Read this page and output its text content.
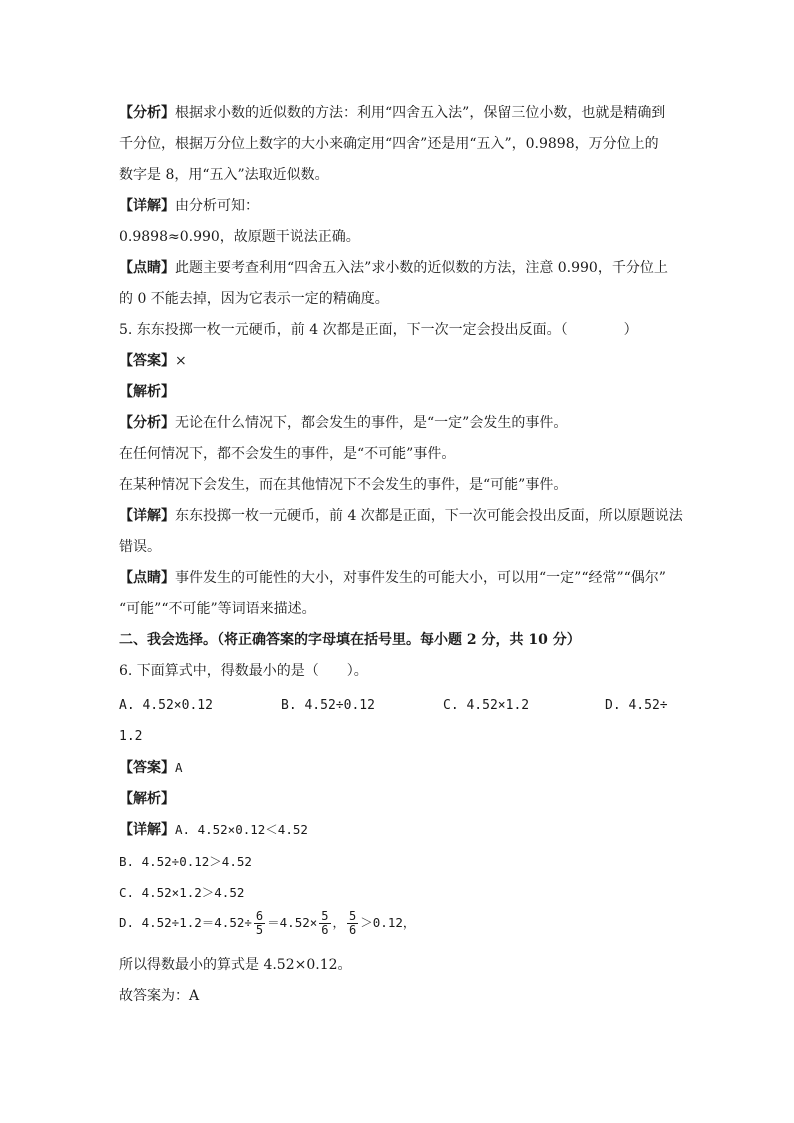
【分析】根据求小数的近似数的方法：利用“四舍五入法”，保留三位小数，也就是精确到
千分位，根据万分位上数字的大小来确定用“四舍”还是用“五入”，0.9898，万分位上的
数字是 8，用“五入”法取近似数。
【详解】由分析可知：
0.9898≈0.990，故原题干说法正确。
【点睛】此题主要考查利用“四舍五入法”求小数的近似数的方法，注意 0.990，千分位上
的 0 不能去掉，因为它表示一定的精确度。
5. 东东投掷一枚一元硬币，前 4 次都是正面，下一次一定会投出反面。（　　　　）
【答案】×
【解析】
【分析】无论在什么情况下，都会发生的事件，是“一定”会发生的事件。
在任何情况下，都不会发生的事件，是“不可能”事件。
在某种情况下会发生，而在其他情况下不会发生的事件，是“可能”事件。
【详解】东东投掷一枚一元硬币，前 4 次都是正面，下一次可能会投出反面，所以原题说法
错误。
【点睛】事件发生的可能性的大小，对事件发生的可能大小，可以用“一定”“经常”“偶尔”
“可能”“不可能”等词语来描述。
二、我会选择。（将正确答案的字母填在括号里。每小题 2 分，共 10 分）
6. 下面算式中，得数最小的是（　　）。
A. 4.52×0.12	B. 4.52÷0.12	C. 4.52×1.2	D. 4.52÷
1.2
【答案】A
【解析】
【详解】A. 4.52×0.12＜4.52
B. 4.52÷0.12＞4.52
C. 4.52×1.2＞4.52
D. $4.52\div 1.2=4.52\div \frac{6}{5} =4.52\times \frac{5}{6}$ ， $\frac{5}{6} >0.12$，
所以得数最小的算式是 4.52×0.12。
故答案为：A
